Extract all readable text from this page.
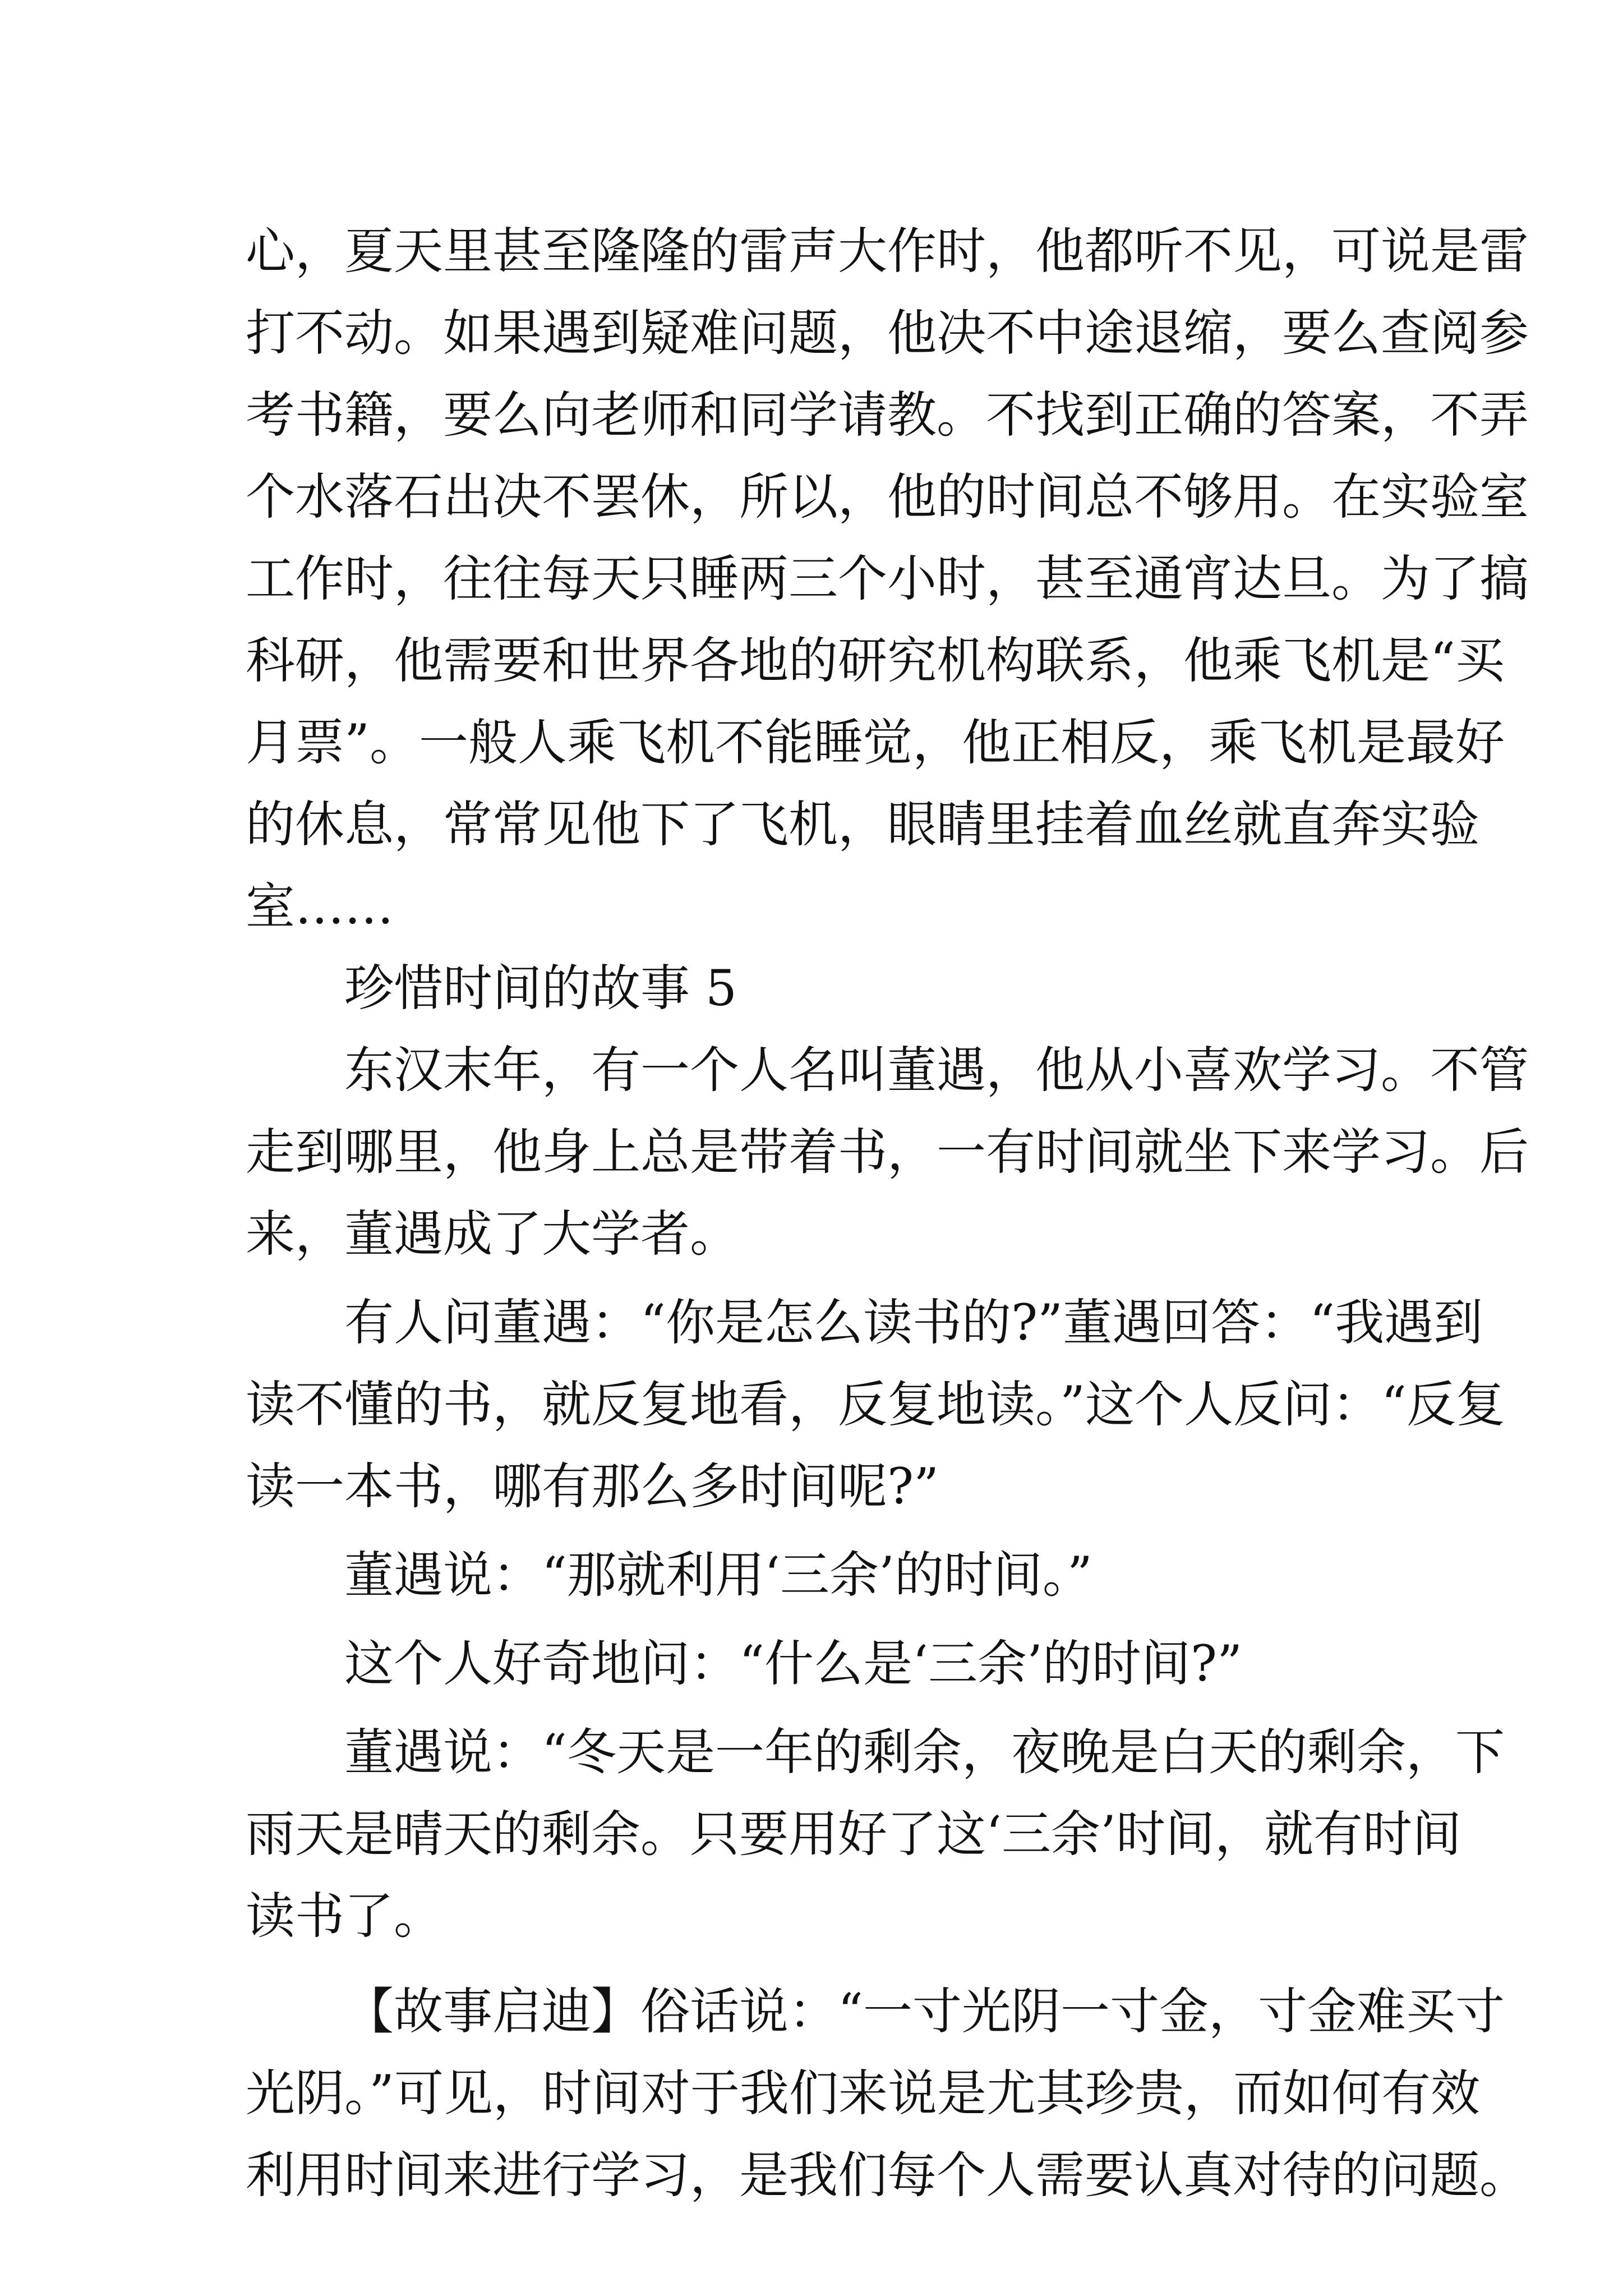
心，夏天里甚至隆隆的雷声大作时，他都听不见，可说是雷
打不动。如果遇到疑难问题，他决不中途退缩，要么查阅参
考书籍，要么向老师和同学请教。不找到正确的答案，不弄
个水落石出决不罢休，所以，他的时间总不够用。在实验室
工作时，往往每天只睡两三个小时，甚至通宵达旦。为了搞
科研，他需要和世界各地的研究机构联系，他乘飞机是“买
月票”。一般人乘飞机不能睡觉，他正相反，乘飞机是最好
的休息，常常见他下了飞机，眼睛里挂着血丝就直奔实验
室……
珍惜时间的故事 5
东汉末年，有一个人名叫董遇，他从小喜欢学习。不管
走到哪里，他身上总是带着书，一有时间就坐下来学习。后
来，董遇成了大学者。
有人问董遇：“你是怎么读书的?”董遇回答：“我遇到
读不懂的书，就反复地看，反复地读。”这个人反问：“反复
读一本书，哪有那么多时间呢?”
董遇说：“那就利用‘三余’的时间。”
这个人好奇地问：“什么是‘三余’的时间?”
董遇说：“冬天是一年的剩余，夜晚是白天的剩余，下
雨天是晴天的剩余。只要用好了这‘三余’时间，就有时间
读书了。
【故事启迪】俗话说：“一寸光阴一寸金，寸金难买寸
光阴。”可见，时间对于我们来说是尤其珍贵，而如何有效
利用时间来进行学习，是我们每个人需要认真对待的问题。
